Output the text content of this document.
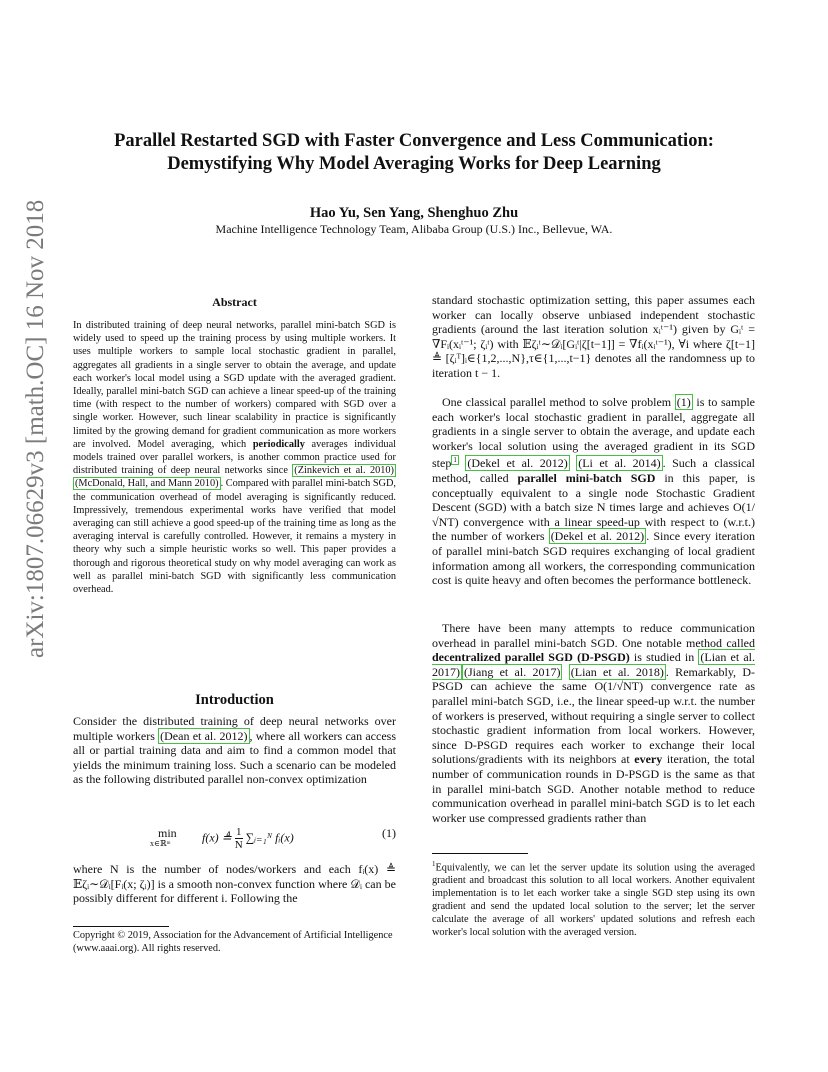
arXiv:1807.06629v3 [math.OC] 16 Nov 2018
Parallel Restarted SGD with Faster Convergence and Less Communication:
Demystifying Why Model Averaging Works for Deep Learning
Hao Yu, Sen Yang, Shenghuo Zhu
Machine Intelligence Technology Team, Alibaba Group (U.S.) Inc., Bellevue, WA.
Abstract
In distributed training of deep neural networks, parallel mini-batch SGD is widely used to speed up the training process by using multiple workers. It uses multiple workers to sample local stochastic gradient in parallel, aggregates all gradients in a single server to obtain the average, and update each worker's local model using a SGD update with the averaged gradient. Ideally, parallel mini-batch SGD can achieve a linear speed-up of the training time (with respect to the number of workers) compared with SGD over a single worker. However, such linear scalability in practice is significantly limited by the growing demand for gradient communication as more workers are involved. Model averaging, which periodically averages individual models trained over parallel workers, is another common practice used for distributed training of deep neural networks since (Zinkevich et al. 2010) (McDonald, Hall, and Mann 2010) . Compared with parallel mini-batch SGD, the communication overhead of model averaging is significantly reduced. Impressively, tremendous experimental works have verified that model averaging can still achieve a good speed-up of the training time as long as the averaging interval is carefully controlled. However, it remains a mystery in theory why such a simple heuristic works so well. This paper provides a thorough and rigorous theoretical study on why model averaging can work as well as parallel mini-batch SGD with significantly less communication overhead.
Introduction
Consider the distributed training of deep neural networks over multiple workers (Dean et al. 2012) , where all workers can access all or partial training data and aim to find a common model that yields the minimum training loss. Such a scenario can be modeled as the following distributed parallel non-convex optimization
min
x∈ℝᵐ	f(x) ≜ $\frac{1}{N}$ ∑ᵢ₌₁ᴺ fᵢ(x)	(1)
where N is the number of nodes/workers and each fᵢ(x) ≜ 𝔼ζᵢ∼𝒟ᵢ[Fᵢ(x; ζᵢ)] is a smooth non-convex function where 𝒟ᵢ can be possibly different for different i. Following the
Copyright © 2019, Association for the Advancement of Artificial Intelligence (www.aaai.org). All rights reserved.
standard stochastic optimization setting, this paper assumes each worker can locally observe unbiased independent stochastic gradients (around the last iteration solution xᵢᵗ⁻¹) given by Gᵢᵗ = ∇Fᵢ(xᵢᵗ⁻¹; ζᵢᵗ) with 𝔼ζᵢᵗ∼𝒟ᵢ[Gᵢᵗ|ζ[t−1]] = ∇fᵢ(xᵢᵗ⁻¹), ∀i where ζ[t−1] ≜ [ζᵢᵀ]ᵢ∈{1,2,...,N},τ∈{1,...,t−1} denotes all the randomness up to iteration t − 1.
One classical parallel method to solve problem (1) is to sample each worker's local stochastic gradient in parallel, aggregate all gradients in a single server to obtain the average, and update each worker's local solution using the averaged gradient in its SGD step $^1$ (Dekel et al. 2012) (Li et al. 2014) . Such a classical method, called parallel mini-batch SGD in this paper, is conceptually equivalent to a single node Stochastic Gradient Descent (SGD) with a batch size N times large and achieves O(1/√NT) convergence with a linear speed-up with respect to (w.r.t.) the number of workers (Dekel et al. 2012) . Since every iteration of parallel mini-batch SGD requires exchanging of local gradient information among all workers, the corresponding communication cost is quite heavy and often becomes the performance bottleneck.
There have been many attempts to reduce communication overhead in parallel mini-batch SGD. One notable method called decentralized parallel SGD (D-PSGD) is studied in (Lian et al. 2017) (Jiang et al. 2017) (Lian et al. 2018) . Remarkably, D-PSGD can achieve the same O(1/√NT) convergence rate as parallel mini-batch SGD, i.e., the linear speed-up w.r.t. the number of workers is preserved, without requiring a single server to collect stochastic gradient information from local workers. However, since D-PSGD requires each worker to exchange their local solutions/gradients with its neighbors at every iteration, the total number of communication rounds in D-PSGD is the same as that in parallel mini-batch SGD. Another notable method to reduce communication overhead in parallel mini-batch SGD is to let each worker use compressed gradients rather than
$^1$Equivalently, we can let the server update its solution using the averaged gradient and broadcast this solution to all local workers. Another equivalent implementation is to let each worker take a single SGD step using its own gradient and send the updated local solution to the server; let the server calculate the average of all workers' updated solutions and refresh each worker's local solution with the averaged version.
